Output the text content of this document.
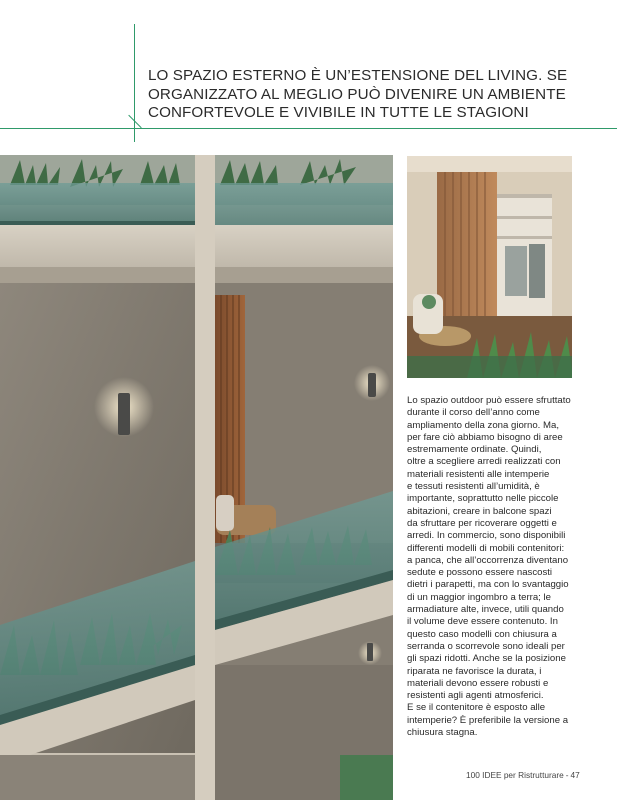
LO SPAZIO ESTERNO È UN’ESTENSIONE DEL LIVING. SE
ORGANIZZATO AL MEGLIO PUÒ DIVENIRE UN AMBIENTE
CONFORTEVOLE E VIVIBILE IN TUTTE LE STAGIONI

Lo spazio outdoor può essere sfruttato

durante il corso dell’anno come

ampliamento della zona giorno. Ma,

per fare ciò abbiamo bisogno di aree

estremamente ordinate. Quindi,

oltre a scegliere arredi realizzati con

materiali resistenti alle intemperie

e tessuti resistenti all’umidità, è

importante, soprattutto nelle piccole

abitazioni, creare in balcone spazi

da sfruttare per ricoverare oggetti e

arredi. In commercio, sono disponibili

differenti modelli di mobili contenitori:

a panca, che all’occorrenza diventano

sedute e possono essere nascosti

dietri i parapetti, ma con lo svantaggio

di un maggior ingombro a terra; le

armadiature alte, invece, utili quando

il volume deve essere contenuto. In

questo caso modelli con chiusura a

serranda o scorrevole sono ideali per

gli spazi ridotti. Anche se la posizione

riparata ne favorisce la durata, i

materiali devono essere robusti e

resistenti agli agenti atmosferici.

E se il contenitore è esposto alle

intemperie? È preferibile la versione a

chiusura stagna.

100 IDEE per Ristrutturare - 47
